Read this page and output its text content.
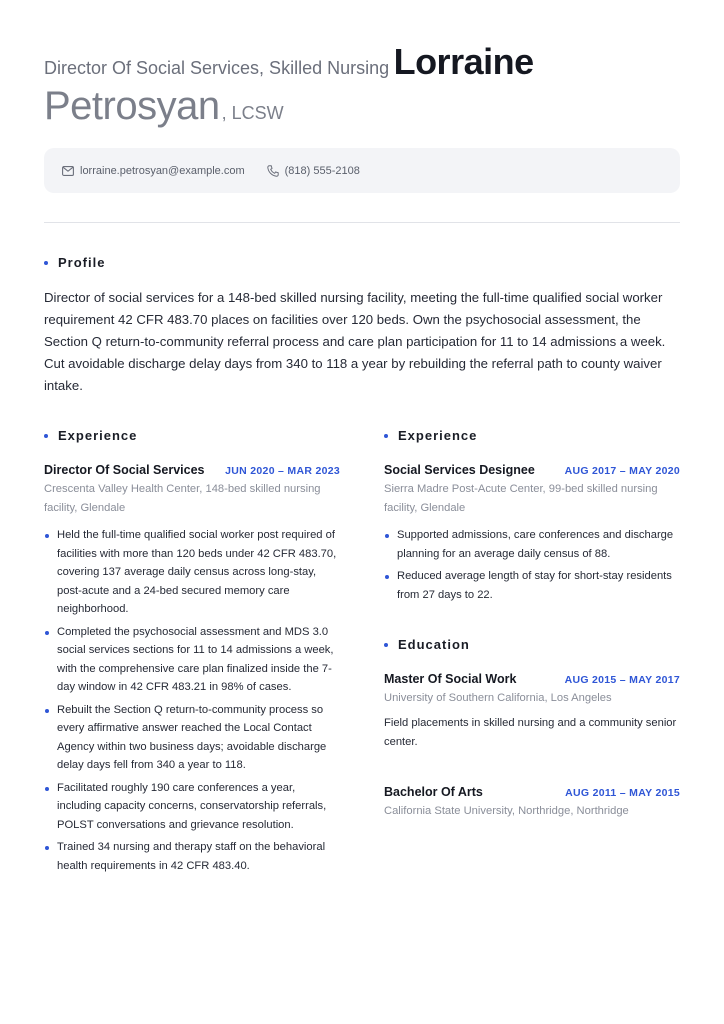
Director Of Social Services, Skilled Nursing Lorraine
Petrosyan , LCSW
lorraine.petrosyan@example.com	(818) 555-2108
Profile
Director of social services for a 148-bed skilled nursing facility, meeting the full-time qualified social worker requirement 42 CFR 483.70 places on facilities over 120 beds. Own the psychosocial assessment, the Section Q return-to-community referral process and care plan participation for 11 to 14 admissions a week. Cut avoidable discharge delay days from 340 to 118 a year by rebuilding the referral path to county waiver intake.
Experience
Director Of Social Services JUN 2020 – MAR 2023
Crescenta Valley Health Center, 148-bed skilled nursing facility, Glendale
Held the full-time qualified social worker post required of facilities with more than 120 beds under 42 CFR 483.70, covering 137 average daily census across long-stay, post-acute and a 24-bed secured memory care neighborhood.
Completed the psychosocial assessment and MDS 3.0 social services sections for 11 to 14 admissions a week, with the comprehensive care plan finalized inside the 7-day window in 42 CFR 483.21 in 98% of cases.
Rebuilt the Section Q return-to-community process so every affirmative answer reached the Local Contact Agency within two business days; avoidable discharge delay days fell from 340 a year to 118.
Facilitated roughly 190 care conferences a year, including capacity concerns, conservatorship referrals, POLST conversations and grievance resolution.
Trained 34 nursing and therapy staff on the behavioral health requirements in 42 CFR 483.40.
Experience
Social Services Designee	AUG 2017 – MAY 2020
Sierra Madre Post-Acute Center, 99-bed skilled nursing facility, Glendale
Supported admissions, care conferences and discharge planning for an average daily census of 88.
Reduced average length of stay for short-stay residents from 27 days to 22.
Education
Master Of Social Work	AUG 2015 – MAY 2017
University of Southern California, Los Angeles
Field placements in skilled nursing and a community senior center.
Bachelor Of Arts	AUG 2011 – MAY 2015
California State University, Northridge, Northridge
